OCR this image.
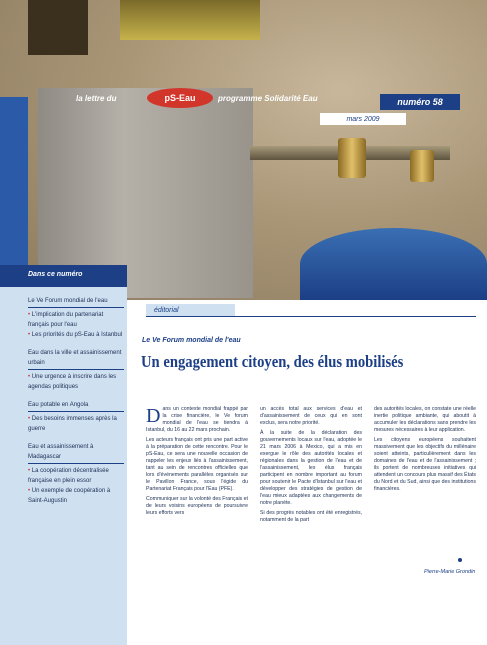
Dans ce numéro
la lettre du	pS-Eau	programme Solidarité Eau	numéro 58
mars 2009
Le Ve Forum mondial de l'eau
• L'implication du partenariat français pour l'eau
• Les priorités du pS-Eau à Istanbul
Eau dans la ville et assainissement urbain
• Une urgence à inscrire dans les agendas politiques
Eau potable en Angola
• Des besoins immenses après la guerre
Eau et assainissement à Madagascar
• La coopération décentralisée française en plein essor
• Un exemple de coopération à Saint-Augustin
éditorial
Le Ve Forum mondial de l'eau
Un engagement citoyen, des élus mobilisés

Dans un contexte mondial frappé par la crise financière, le Ve forum mondial de l'eau se tiendra à Istanbul, du 16 au 22 mars prochain.

Les acteurs français ont pris une part active à la préparation de cette rencontre. Pour le pS-Eau, ce sera une nouvelle occasion de rappeler les enjeux liés à l'assainissement, tant au sein de rencontres officielles que lors d'événements parallèles organisés sur le Pavillon France, sous l'égide du Partenariat Français pour l'Eau (PFE).

Communiquer sur la volonté des Français et de leurs voisins européens de poursuivre leurs efforts vers

un accès total aux services d'eau et d'assainissement de ceux qui en sont exclus, sera notre priorité.

À la suite de la déclaration des gouvernements locaux sur l'eau, adoptée le 21 mars 2006 à Mexico, qui a mis en exergue le rôle des autorités locales et régionales dans la gestion de l'eau et de l'assainissement, les élus français participent en nombre important au forum pour soutenir le Pacte d'Istanbul sur l'eau et développer des stratégies de gestion de l'eau mieux adaptées aux changements de notre planète.

Si des progrès notables ont été enregistrés, notamment de la part

des autorités locales, on constate une réelle inertie politique ambiante, qui aboutit à accumuler les déclarations sans prendre les mesures nécessaires à leur application.

Les citoyens européens souhaitent massivement que les objectifs du millénaire soient atteints, particulièrement dans les domaines de l'eau et de l'assainissement ; ils portent de nombreuses initiatives qui attendent un concours plus massif des États du Nord et du Sud, ainsi que des institutions financières.

Pierre-Marie Grondin
